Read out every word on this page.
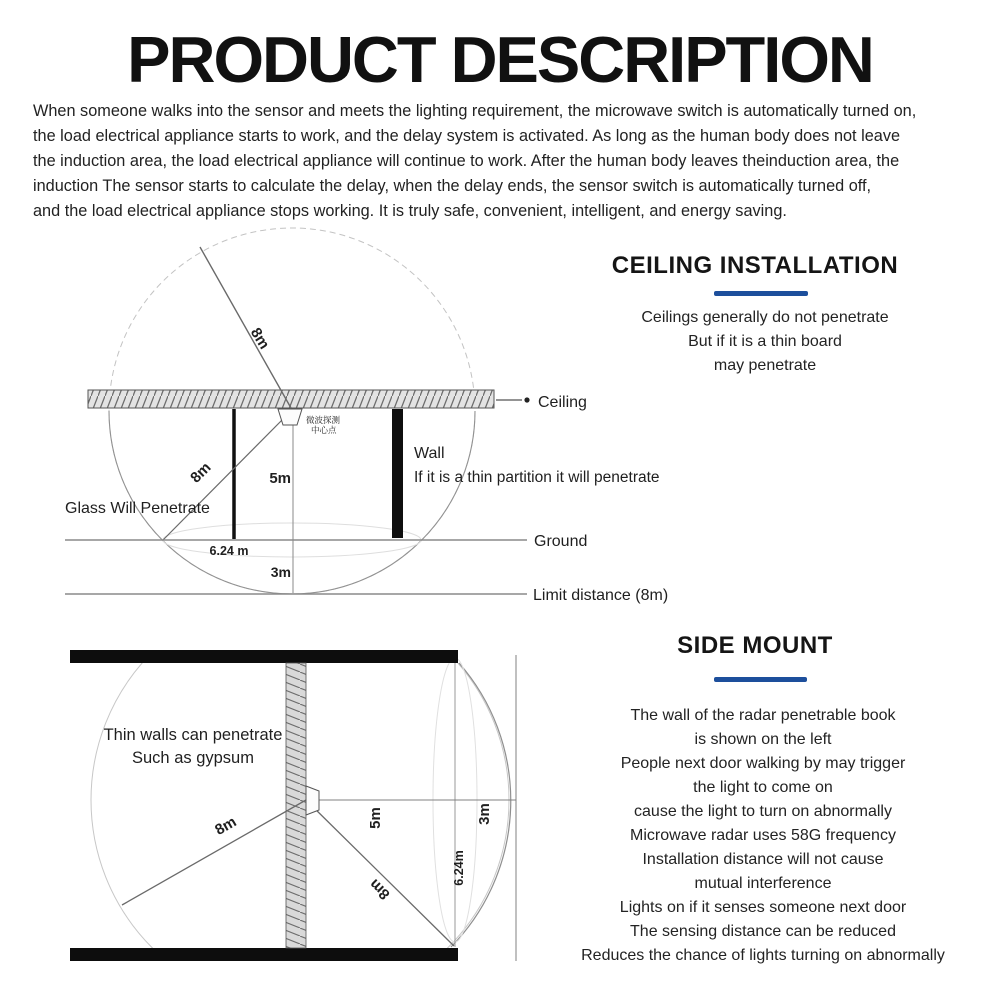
PRODUCT DESCRIPTION
When someone walks into the sensor and meets the lighting requirement, the microwave switch is automatically turned on,
the load electrical appliance starts to work, and the delay system is activated. As long as the human body does not leave
the induction area, the load electrical appliance will continue to work. After the human body leaves theinduction area, the
induction The sensor starts to calculate the delay, when the delay ends, the sensor switch is automatically turned off,
and the load electrical appliance stops working. It is truly safe, convenient, intelligent, and energy saving.
CEILING INSTALLATION
Ceilings generally do not penetrate
But if it is a thin board
may penetrate
SIDE MOUNT
The wall of the radar penetrable book
is shown on the left
People next door walking by may trigger
the light to come on
cause the light to turn on abnormally
Microwave radar uses 58G frequency
Installation distance will not cause
mutual interference
Lights on if it senses someone next door
The sensing distance can be reduced
Reduces the chance of lights turning on abnormally
Ceiling
8m
8m	5m
Wall
If it is a thin partition it will penetrate
Glass Will Penetrate
Ground
6.24 m
3m
Limit distance (8m)
微波探测
中心点
8m
8m
5m	3m
6.24m
Thin walls can penetrate
Such as gypsum
